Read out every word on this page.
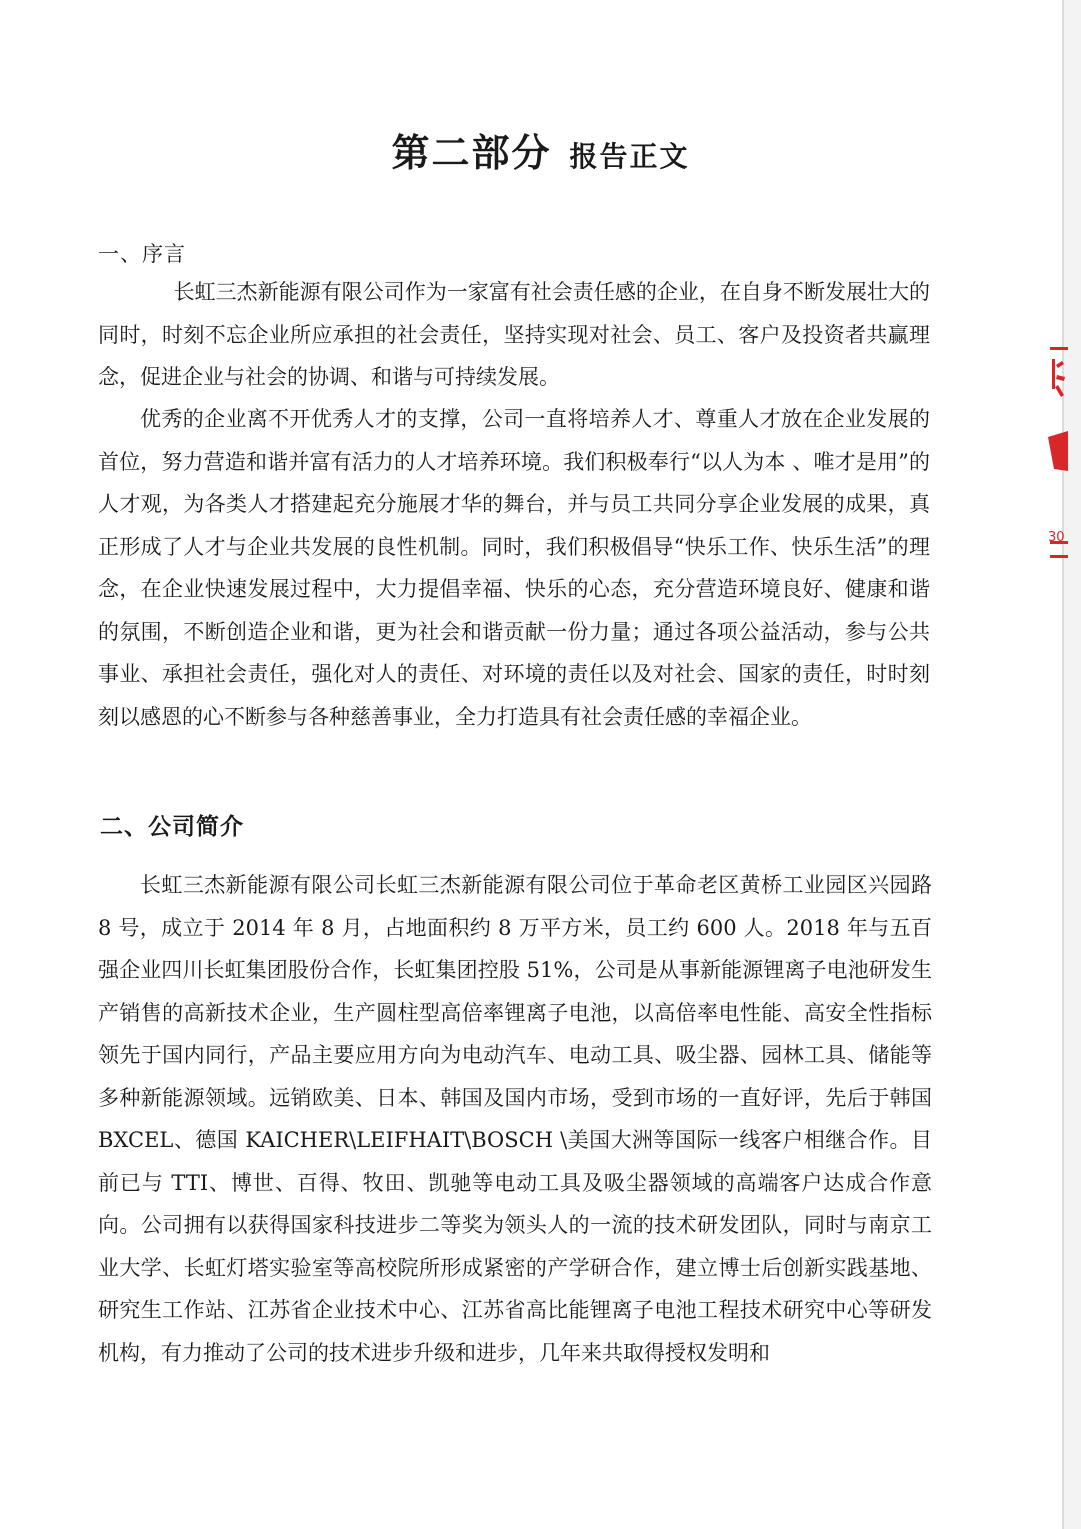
30
第二部分 报告正文
一、序言

长虹三杰新能源有限公司作为一家富有社会责任感的企业，在自身不断发展壮大的同时，时刻不忘企业所应承担的社会责任，坚持实现对社会、员工、客户及投资者共赢理念，促进企业与社会的协调、和谐与可持续发展。

优秀的企业离不开优秀人才的支撑，公司一直将培养人才、尊重人才放在企业发展的首位，努力营造和谐并富有活力的人才培养环境。我们积极奉行“以人为本 、唯才是用”的人才观，为各类人才搭建起充分施展才华的舞台，并与员工共同分享企业发展的成果，真正形成了人才与企业共发展的良性机制。同时，我们积极倡导“快乐工作、快乐生活”的理念，在企业快速发展过程中，大力提倡幸福、快乐的心态，充分营造环境良好、健康和谐的氛围，不断创造企业和谐，更为社会和谐贡献一份力量；通过各项公益活动，参与公共事业、承担社会责任，强化对人的责任、对环境的责任以及对社会、国家的责任，时时刻刻以感恩的心不断参与各种慈善事业，全力打造具有社会责任感的幸福企业。

二、公司简介

长虹三杰新能源有限公司长虹三杰新能源有限公司位于革命老区黄桥工业园区兴园路 8 号，成立于 2014 年 8 月，占地面积约 8 万平方米，员工约 600 人。2018 年与五百强企业四川长虹集团股份合作，长虹集团控股 51%，公司是从事新能源锂离子电池研发生产销售的高新技术企业，生产圆柱型高倍率锂离子电池，以高倍率电性能、高安全性指标领先于国内同行，产品主要应用方向为电动汽车、电动工具、吸尘器、园林工具、储能等多种新能源领域。远销欧美、日本、韩国及国内市场，受到市场的一直好评，先后于韩国 BXCEL、德国 KAICHER\LEIFHAIT\BOSCH \美国大洲等国际一线客户相继合作。目前已与 TTI、博世、百得、牧田、凯驰等电动工具及吸尘器领域的高端客户达成合作意向。公司拥有以获得国家科技进步二等奖为领头人的一流的技术研发团队，同时与南京工业大学、长虹灯塔实验室等高校院所形成紧密的产学研合作，建立博士后创新实践基地、研究生工作站、江苏省企业技术中心、江苏省高比能锂离子电池工程技术研究中心等研发机构，有力推动了公司的技术进步升级和进步，几年来共取得授权发明和
